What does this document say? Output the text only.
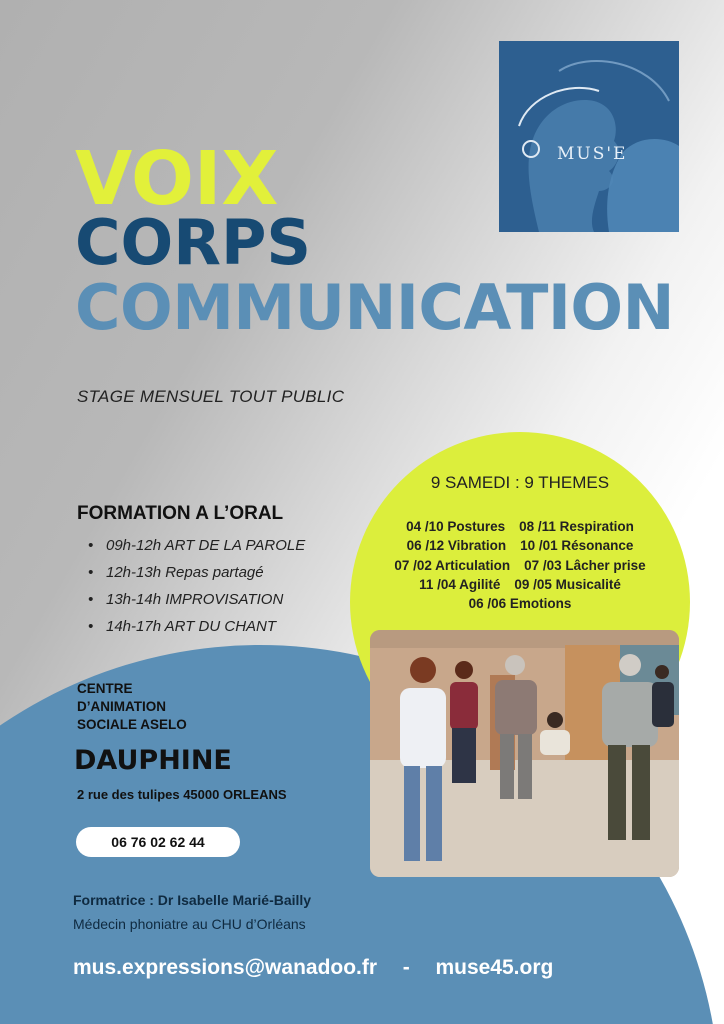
MUS'E
VOIX
CORPS
COMMUNICATION
STAGE MENSUEL TOUT PUBLIC
FORMATION A L’ORAL
• 09h-12h ART DE LA PAROLE
• 12h-13h Repas partagé
• 13h-14h IMPROVISATION
• 14h-17h ART DU CHANT
9 SAMEDI : 9 THEMES
04 /10 Postures 08 /11 Respiration
06 /12 Vibration 10 /01 Résonance
07 /02 Articulation 07 /03 Lâcher prise
11 /04 Agilité 09 /05 Musicalité
06 /06 Emotions
CENTRE
D’ANIMATION
SOCIALE ASELO
DAUPHINE
2 rue des tulipes 45000 ORLEANS
06 76 02 62 44
Formatrice : Dr Isabelle Marié-Bailly
Médecin phoniatre au CHU d’Orléans
mus.expressions@wanadoo.fr - muse45.org
